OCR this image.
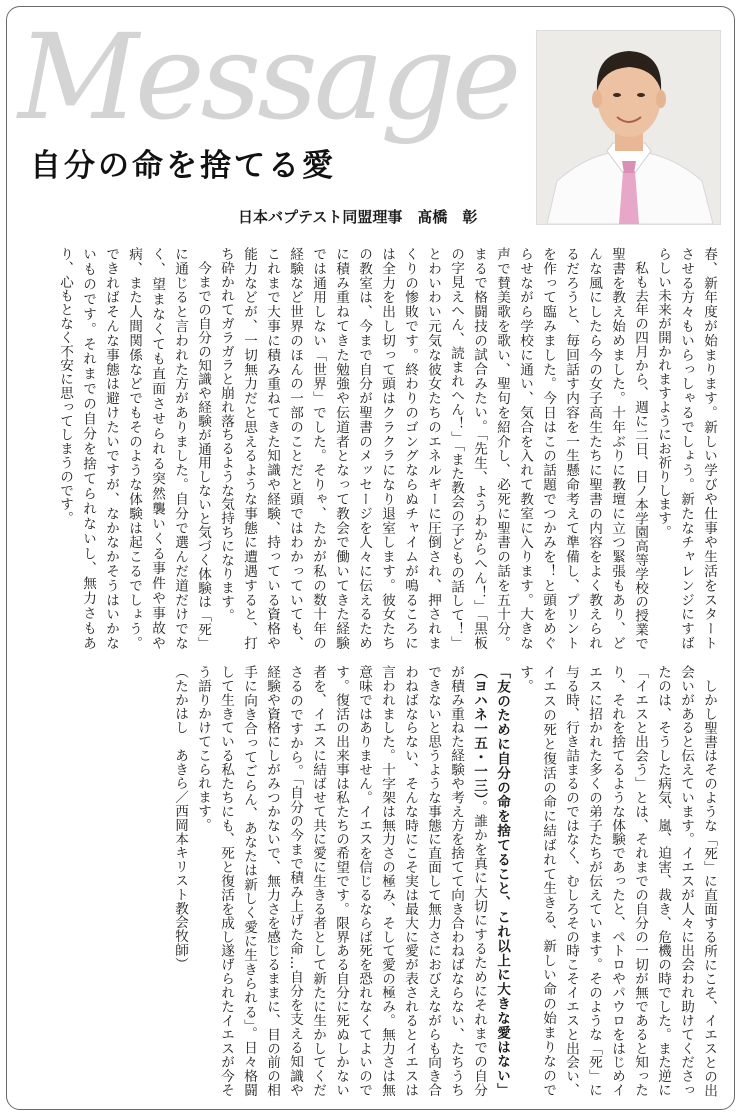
Message
自分の命を捨てる愛
日本バプテスト同盟理事　髙橋　彰

春、新年度が始まります。新しい学びや仕事や生活をスタートさせる方々もいらっしゃるでしょう。新たなチャレンジにすばらしい未来が開かれますようにお祈りします。

私も去年の四月から、週に二日、日ノ本学園高等学校の授業で聖書を教え始めました。十年ぶりに教壇に立つ緊張もあり、どんな風にしたら今の女子高生たちに聖書の内容をよく教えられるだろうと、毎回話す内容を一生懸命考えて準備し、プリントを作って臨みました。今日はこの話題でつかみを！と頭をめぐらせながら学校に通い、気合を入れて教室に入ります。大きな声で賛美歌を歌い、聖句を紹介し、必死に聖書の話を五十分。まるで格闘技の試合みたい。「先生、ようわからへん！」「黒板の字見えへん、読まれへん！」「また教会の子どもの話して！」とわいわい元気な彼女たちのエネルギーに圧倒され、押されまくりの惨敗です。終わりのゴングならぬチャイムが鳴るころには全力を出し切って頭はクラクラになり退室します。彼女たちの教室は、今まで自分が聖書のメッセージを人々に伝えるために積み重ねてきた勉強や伝道者となって教会で働いてきた経験では通用しない「世界」でした。そりゃ、たかが私の数十年の経験など世界のほんの一部のことだと頭ではわかっていても、これまで大事に積み重ねてきた知識や経験、持っている資格や能力などが、一切無力だと思えるような事態に遭遇すると、打ち砕かれてガラガラと崩れ落ちるような気持ちになります。

今までの自分の知識や経験が通用しないと気づく体験は「死」に通じると言われた方がありました。自分で選んだ道だけでなく、望まなくても直面させられる突然襲いくる事件や事故や病、また人間関係などでもそのような体験は起こるでしょう。できればそんな事態は避けたいですが、なかなかそうはいかないものです。それまでの自分を捨てられないし、無力さもあり、心もとなく不安に思ってしまうのです。

しかし聖書はそのような「死」に直面する所にこそ、イエスとの出会いがあると伝えています。イエスが人々に出会われ助けてくださったのは、そうした病気、嵐、迫害、裁き、危機の時でした。また逆に「イエスと出会う」とは、それまでの自分の一切が無であると知ったり、それを捨てるような体験であったと、ペトロやパウロをはじめイエスに招かれた多くの弟子たちが伝えています。そのような「死」に与る時、行き詰まるのではなく、むしろその時こそイエスと出会い、イエスの死と復活の命に結ばれて生きる、新しい命の始まりなのです。

「友のために自分の命を捨てること、これ以上に大きな愛はない」（ヨハネ一五・一三）。誰かを真に大切にするためにそれまでの自分が積み重ねた経験や考え方を捨てて向き合わねばならない、たちうちできないと思うような事態に直面して無力さにおびえながらも向き合わねばならない、そんな時にこそ実は最大に愛が表されるとイエスは言われました。十字架は無力さの極み、そして愛の極み。無力さは無意味ではありません。イエスを信じるならば死を恐れなくてよいのです。復活の出来事は私たちの希望です。限界ある自分に死ぬしかない者を、イエスに結ばせて共に愛に生きる者として新たに生かしてくださるのですから。「自分の今まで積み上げた命…自分を支える知識や経験や資格にしがみつかないで、無力さを感じるままに、目の前の相手に向き合ってごらん、あなたは新しく愛に生きられる」。日々格闘して生きている私たちにも、死と復活を成し遂げられたイエスが今そう語りかけてこられます。

（たかはし　あきら／西岡本キリスト教会牧師）
